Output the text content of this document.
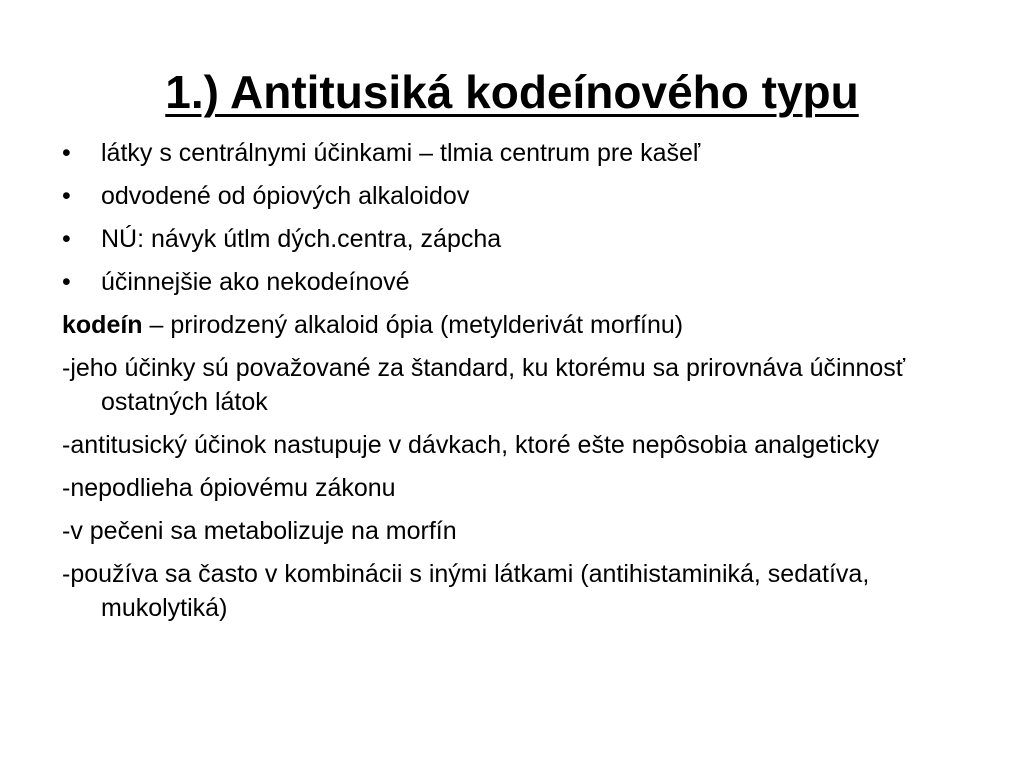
1.) Antitusiká kodeínového typu
•	látky s centrálnymi účinkami – tlmia centrum pre kašeľ
•	odvodené od ópiových alkaloidov
•	NÚ: návyk útlm dých.centra, zápcha
•	účinnejšie ako nekodeínové
kodeín – prirodzený alkaloid ópia (metylderivát morfínu)
-jeho účinky sú považované za štandard, ku ktorému sa prirovnáva účinnosť ostatných látok
-antitusický účinok nastupuje v dávkach, ktoré ešte nepôsobia analgeticky
-nepodlieha ópiovému zákonu
-v pečeni sa metabolizuje na morfín
-používa sa často v kombinácii s inými látkami (antihistaminiká, sedatíva, mukolytiká)
